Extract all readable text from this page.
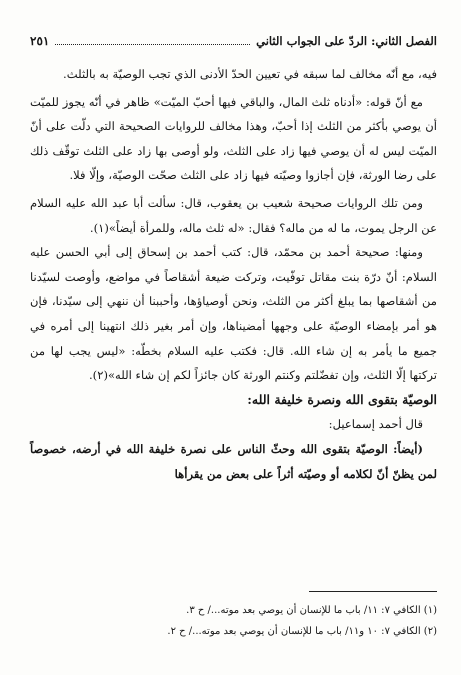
الفصل الثاني: الردّ على الجواب الثاني
٢٥١

فيه، مع أنّه مخالف لما سبقه في تعيين الحدّ الأدنى الذي تجب الوصيّة به بالثلث.

مع أنّ قوله: «أدناه ثلث المال، والباقي فيها أحبّ الميّت» ظاهر في أنّه يجوز للميّت أن يوصي بأكثر من الثلث إذا أحبّ، وهذا مخالف للروايات الصحيحة التي دلّت على أنّ الميّت ليس له أن يوصي فيها زاد على الثلث، ولو أوصى بها زاد على الثلث توقّف ذلك على رضا الورثة، فإن أجازوا وصيّته فيها زاد على الثلث صحّت الوصيّة، وإلّا فلا.

ومن تلك الروايات صحيحة شعيب بن يعقوب، قال: سألت أبا عبد الله عليه السلام عن الرجل يموت، ما له من ماله؟ فقال: «له ثلث ماله، وللمرأة أيضاً»(١).

ومنها: صحيحة أحمد بن محمّد، قال: كتب أحمد بن إسحاق إلى أبي الحسن عليه السلام: أنّ درّة بنت مقاتل توفّيت، وتركت ضيعة أشقاصاً في مواضع، وأوصت لسيّدنا من أشقاصها بما يبلغ أكثر من الثلث، ونحن أوصياؤها، وأحببنا أن ننهي إلى سيّدنا، فإن هو أمر بإمضاء الوصيّة على وجهها أمضيناها، وإن أمر بغير ذلك انتهينا إلى أمره في جميع ما يأمر به إن شاء الله. قال: فكتب عليه السلام بخطّه: «ليس يجب لها من تركتها إلّا الثلث، وإن تفضّلتم وكنتم الورثة كان جائزاً لكم إن شاء الله»(٢).

الوصيّة بتقوى الله ونصرة خليفة الله:

قال أحمد إسماعيل:

(أيضاً: الوصيّة بتقوى الله وحثّ الناس على نصرة خليفة الله في أرضه، خصوصاً لمن يظنّ أنّ لكلامه أو وصيّته أثراً على بعض من يقرأها

(١) الكافي ٧: ١١/ باب ما للإنسان أن يوصي بعد موته.../ ح ٣.

(٢) الكافي ٧: ١٠ و١١/ باب ما للإنسان أن يوصي بعد موته.../ ح ٢.
